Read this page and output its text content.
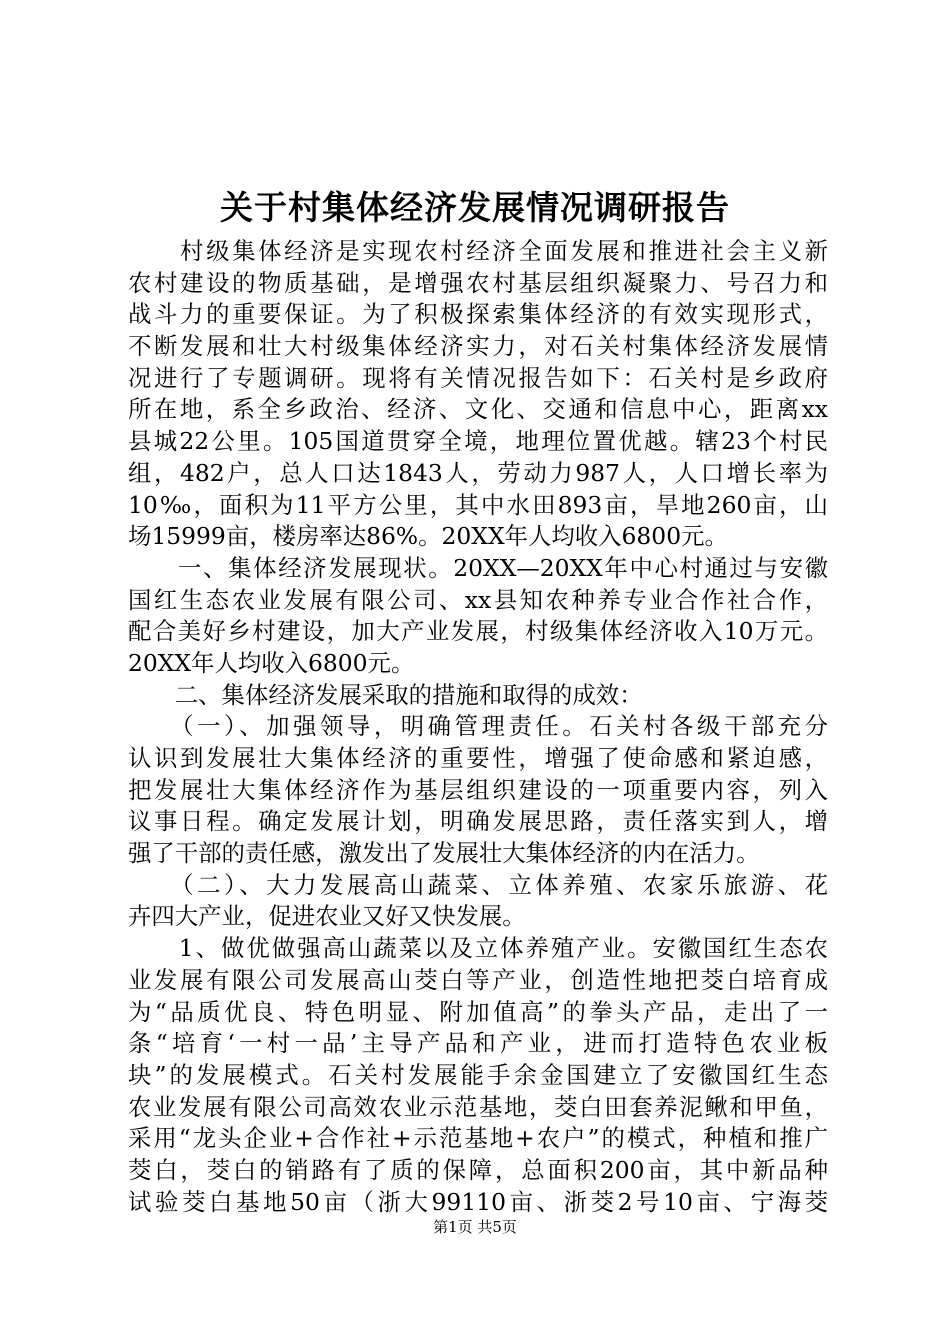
关于村集体经济发展情况调研报告
　　村级集体经济是实现农村经济全面发展和推进社会主义新
农村建设的物质基础，是增强农村基层组织凝聚力、号召力和
战斗力的重要保证。为了积极探索集体经济的有效实现形式，
不断发展和壮大村级集体经济实力，对石关村集体经济发展情
况进行了专题调研。现将有关情况报告如下：石关村是乡政府
所在地，系全乡政治、经济、文化、交通和信息中心，距离xx
县城22公里。105国道贯穿全境，地理位置优越。辖23个村民
组，482户，总人口达1843人，劳动力987人，人口增长率为
10‰，面积为11平方公里，其中水田893亩，旱地260亩，山
场15999亩，楼房率达86%。20XX年人均收入6800元。
　　一、集体经济发展现状。20XX—20XX年中心村通过与安徽
国红生态农业发展有限公司、xx县知农种养专业合作社合作，
配合美好乡村建设，加大产业发展，村级集体经济收入10万元。
20XX年人均收入6800元。
　　二、集体经济发展采取的措施和取得的成效：
　　（一）、加强领导，明确管理责任。石关村各级干部充分
认识到发展壮大集体经济的重要性，增强了使命感和紧迫感，
把发展壮大集体经济作为基层组织建设的一项重要内容，列入
议事日程。确定发展计划，明确发展思路，责任落实到人，增
强了干部的责任感，激发出了发展壮大集体经济的内在活力。
　　（二）、大力发展高山蔬菜、立体养殖、农家乐旅游、花
卉四大产业，促进农业又好又快发展。
　　1、做优做强高山蔬菜以及立体养殖产业。安徽国红生态农
业发展有限公司发展高山茭白等产业，创造性地把茭白培育成
为“品质优良、特色明显、附加值高”的拳头产品，走出了一
条“培育‘一村一品’主导产品和产业，进而打造特色农业板
块”的发展模式。石关村发展能手余金国建立了安徽国红生态
农业发展有限公司高效农业示范基地，茭白田套养泥鳅和甲鱼，
采用“龙头企业+合作社+示范基地+农户”的模式，种植和推广
茭白，茭白的销路有了质的保障，总面积200亩，其中新品种
试验茭白基地50亩（浙大99110亩、浙茭2号10亩、宁海茭
第1页 共5页
